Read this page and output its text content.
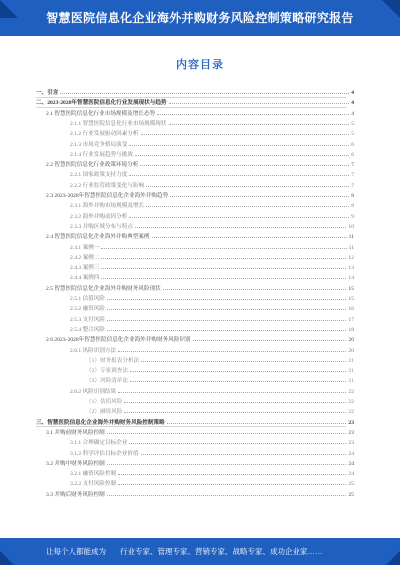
智慧医院信息化企业海外并购财务风险控制策略研究报告
内容目录
一、引言	4
二、2023-2028年智慧医院信息化行业发展现状与趋势	4
2.1 智慧医院信息化行业市场规模及增长态势	4
2.1.1 智慧医院信息化行业市场规模现状	5
2.1.2 行业发展驱动因素分析	5
2.1.3 市场竞争格局演变	6
2.1.4 行业发展趋势与挑战	6
2.2 智慧医院信息化行业政策环境分析	7
2.2.1 国家政策支持力度	7
2.2.2 行业监管政策变化与影响	7
2.3 2023-2028年智慧医院信息化企业海外并购趋势	8
2.3.1 海外并购市场规模及增长	8
2.3.2 海外并购动因分析	9
2.3.3 并购区域分布与特点	10
2.4 智慧医院信息化企业海外并购典型案例	11
2.4.1 案例一	11
2.4.2 案例二	12
2.4.3 案例三	13
2.4.4 案例四	14
2.5 智慧医院信息化企业海外并购财务风险现状	15
2.5.1 估值风险	15
2.5.2 融资风险	16
2.5.3 支付风险	17
2.5.4 整合风险	18
2.6 2023-2028年智慧医院信息化企业海外并购财务风险识别	20
2.6.1 风险识别方法	20
（1）财务报表分析法	21
（2）专家调查法	21
（3）风险清单法	21
2.6.2 风险识别结果	22
（1）估值风险	22
（2）融资风险	22
三、智慧医院信息化企业海外并购财务风险控制策略	23
3.1 并购前财务风险控制	23
3.1.1 合理确定目标企业	23
3.1.2 科学评估目标企业价值	24
3.2 并购中财务风险控制	24
3.2.1 融资风险控制	24
3.2.2 支付风险控制	25
3.3 并购后财务风险控制	25
让每个人都能成为 行业专家、管理专家、营销专家、战略专家、成功企业家……
